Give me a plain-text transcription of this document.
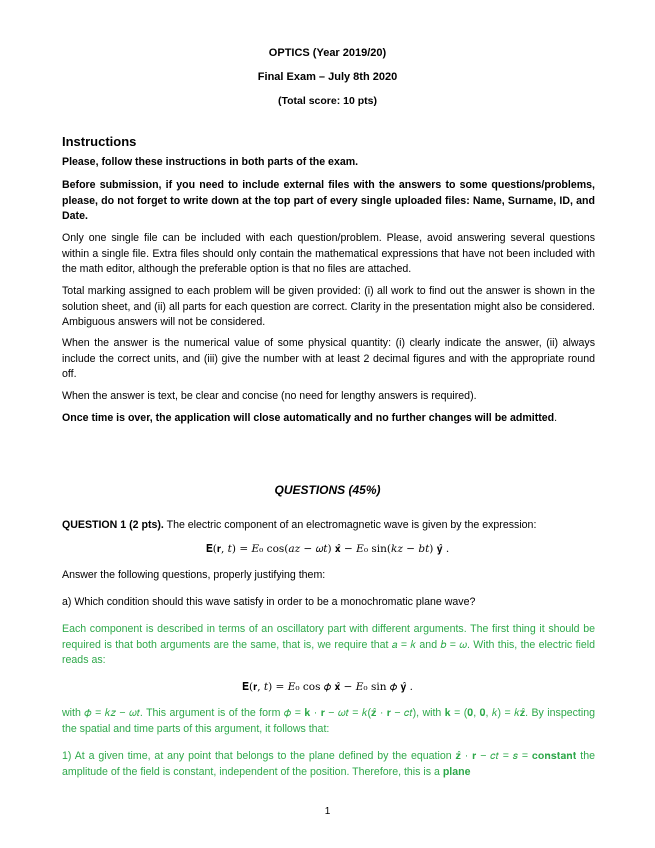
OPTICS (Year 2019/20)
Final Exam – July 8th 2020
(Total score: 10 pts)
Instructions
Please, follow these instructions in both parts of the exam.
Before submission, if you need to include external files with the answers to some questions/problems, please, do not forget to write down at the top part of every single uploaded files: Name, Surname, ID, and Date.
Only one single file can be included with each question/problem. Please, avoid answering several questions within a single file. Extra files should only contain the mathematical expressions that have not been included with the math editor, although the preferable option is that no files are attached.
Total marking assigned to each problem will be given provided: (i) all work to find out the answer is shown in the solution sheet, and (ii) all parts for each question are correct. Clarity in the presentation might also be considered. Ambiguous answers will not be considered.
When the answer is the numerical value of some physical quantity: (i) clearly indicate the answer, (ii) always include the correct units, and (iii) give the number with at least 2 decimal figures and with the appropriate round off.
When the answer is text, be clear and concise (no need for lengthy answers is required).
Once time is over, the application will close automatically and no further changes will be admitted.
QUESTIONS (45%)
QUESTION 1 (2 pts). The electric component of an electromagnetic wave is given by the expression:
𝐄(𝐫, 𝑡) = 𝐸₀ cos(𝑎𝑧 − 𝜔𝑡) 𝐱̂ − 𝐸₀ sin(𝑘𝑧 − 𝑏𝑡) 𝐲̂ .
Answer the following questions, properly justifying them:
a) Which condition should this wave satisfy in order to be a monochromatic plane wave?
Each component is described in terms of an oscillatory part with different arguments. The first thing it should be required is that both arguments are the same, that is, we require that 𝑎 = 𝑘 and 𝑏 = 𝜔. With this, the electric field reads as:
𝐄(𝐫, 𝑡) = 𝐸₀ cos 𝜙 𝐱̂ − 𝐸₀ sin 𝜙 𝐲̂ .
with 𝜙 = 𝑘𝑧 − 𝜔𝑡. This argument is of the form 𝜙 = 𝐤 · 𝐫 − 𝜔𝑡 = 𝑘(𝐳̂ · 𝐫 − 𝑐𝑡), with 𝐤 = (𝟎, 𝟎, 𝑘) = 𝑘𝐳̂. By inspecting the spatial and time parts of this argument, it follows that:
1) At a given time, at any point that belongs to the plane defined by the equation 𝐳̂ · 𝐫 − 𝑐𝑡 = 𝑠 = 𝐜𝐨𝐧𝐬𝐭𝐚𝐧𝐭 the amplitude of the field is constant, independent of the position. Therefore, this is a plane
1
